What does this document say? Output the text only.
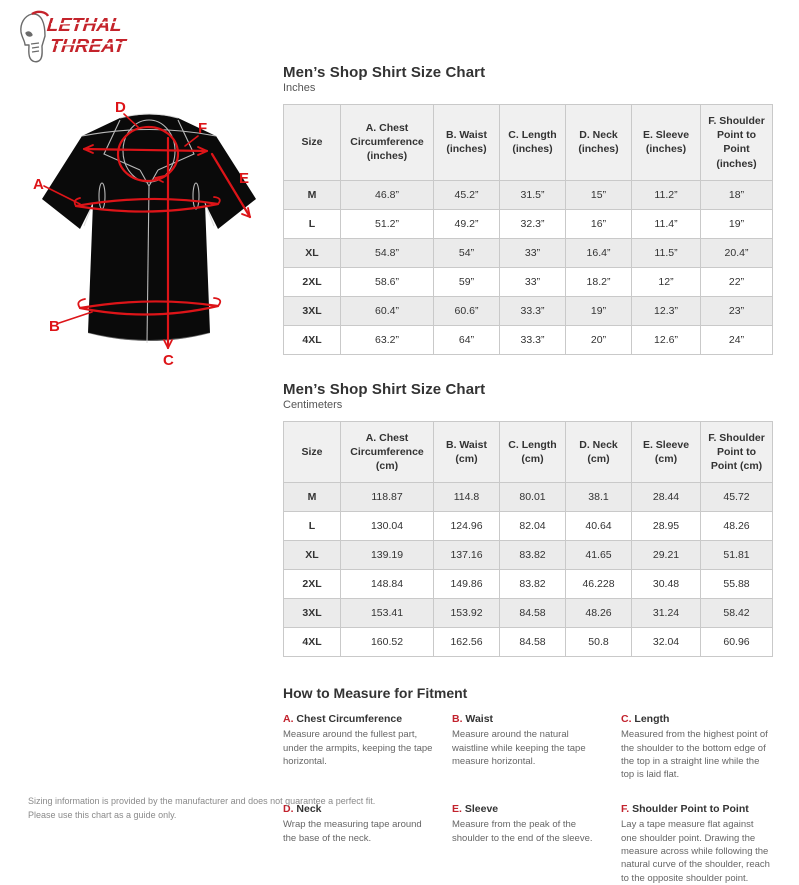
LETHAL
THREAT
A
B
C
D
E
F
Men’s Shop Shirt Size Chart
Inches
Size	A. Chest Circumference (inches)	B. Waist (inches)	C. Length (inches)	D. Neck (inches)	E. Sleeve (inches)	F. Shoulder Point to Point (inches)
M	46.8”	45.2”	31.5”	15”	11.2”	18”
L	51.2”	49.2”	32.3”	16”	11.4”	19”
XL	54.8”	54”	33”	16.4”	11.5”	20.4”
2XL	58.6”	59”	33”	18.2”	12”	22”
3XL	60.4”	60.6”	33.3”	19”	12.3”	23”
4XL	63.2”	64”	33.3”	20”	12.6”	24”
Men’s Shop Shirt Size Chart
Centimeters
Size	A. Chest Circumference (cm)	B. Waist (cm)	C. Length (cm)	D. Neck (cm)	E. Sleeve (cm)	F. Shoulder Point to Point (cm)
M	118.87	114.8	80.01	38.1	28.44	45.72
L	130.04	124.96	82.04	40.64	28.95	48.26
XL	139.19	137.16	83.82	41.65	29.21	51.81
2XL	148.84	149.86	83.82	46.228	30.48	55.88
3XL	153.41	153.92	84.58	48.26	31.24	58.42
4XL	160.52	162.56	84.58	50.8	32.04	60.96
How to Measure for Fitment
A. Chest Circumference

Measure around the fullest part, under the armpits, keeping the tape horizontal.

B. Waist

Measure around the natural waistline while keeping the tape measure horizontal.

C. Length

Measured from the highest point of the shoulder to the bottom edge of the top in a straight line while the top is laid flat.

D. Neck

Wrap the measuring tape around the base of the neck.

E. Sleeve

Measure from the peak of the shoulder to the end of the sleeve.

F. Shoulder Point to Point

Lay a tape measure flat against one shoulder point. Drawing the measure across while following the natural curve of the shoulder, reach to the opposite shoulder point.

Sizing information is provided by the manufacturer and does not guarantee a perfect fit.
Please use this chart as a guide only.
